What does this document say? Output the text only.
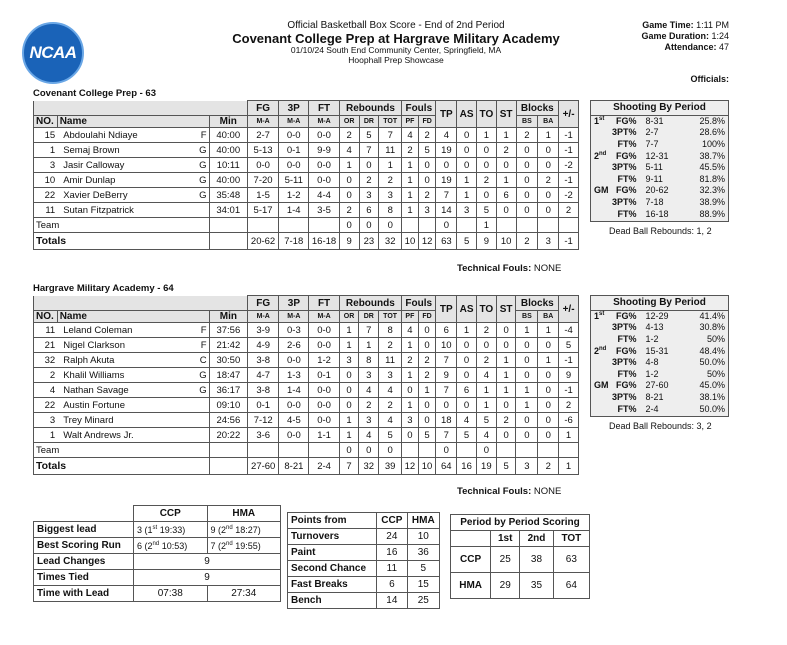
NCAA
Official Basketball Box Score - End of 2nd Period
Covenant College Prep at Hargrave Military Academy
01/10/24 South End Community Center, Springfield, MA
Hoophall Prep Showcase
Game Time: 1:11 PM
Game Duration: 1:24
Attendance: 47
Officials:
Covenant College Prep - 63
			FG	3P	FT	Rebounds			Fouls		TP	AS	TO	ST	Blocks		+/-
NO.	Name	Min	M-A	M-A	M-A	OR	DR	TOT	PF	FD					BS	BA	
15	Abdoulahi Ndiaye F	40:00	2-7	0-0	0-0	2	5	7	4	2	4	0	1	1	2	1	-1
1	Semaj Brown G	40:00	5-13	0-1	9-9	4	7	11	2	5	19	0	0	2	0	0	-1
3	Jasir Calloway G	10:11	0-0	0-0	0-0	1	0	1	1	0	0	0	0	0	0	0	-2
10	Amir Dunlap G	40:00	7-20	5-11	0-0	0	2	2	1	0	19	1	2	1	0	2	-1
22	Xavier DeBerry G	35:48	1-5	1-2	4-4	0	3	3	1	2	7	1	0	6	0	0	-2
11	Sutan Fitzpatrick	34:01	5-17	1-4	3-5	2	6	8	1	3	14	3	5	0	0	0	2
Team						0	0	0			0		1				
Totals			20-62	7-18	16-18	9	23	32	10	12	63	5	9	10	2	3	-1
Technical Fouls: NONE
Shooting By Period			
1st	FG%	8-31	25.8%
	3PT%	2-7	28.6%
	FT%	7-7	100%
2nd	FG%	12-31	38.7%
	3PT%	5-11	45.5%
	FT%	9-11	81.8%
GM	FG%	20-62	32.3%
	3PT%	7-18	38.9%
	FT%	16-18	88.9%
Dead Ball Rebounds: 1, 2
Hargrave Military Academy - 64
			FG	3P	FT	Rebounds			Fouls		TP	AS	TO	ST	Blocks		+/-
NO.	Name	Min	M-A	M-A	M-A	OR	DR	TOT	PF	FD					BS	BA	
11	Leland Coleman F	37:56	3-9	0-3	0-0	1	7	8	4	0	6	1	2	0	1	1	-4
21	Nigel Clarkson F	21:42	4-9	2-6	0-0	1	1	2	1	0	10	0	0	0	0	0	5
32	Ralph Akuta C	30:50	3-8	0-0	1-2	3	8	11	2	2	7	0	2	1	0	1	-1
2	Khalil Williams G	18:47	4-7	1-3	0-1	0	3	3	1	2	9	0	4	1	0	0	9
4	Nathan Savage G	36:17	3-8	1-4	0-0	0	4	4	0	1	7	6	1	1	1	0	-1
22	Austin Fortune	09:10	0-1	0-0	0-0	0	2	2	1	0	0	0	1	0	1	0	2
3	Trey Minard	24:56	7-12	4-5	0-0	1	3	4	3	0	18	4	5	2	0	0	-6
1	Walt Andrews Jr.	20:22	3-6	0-0	1-1	1	4	5	0	5	7	5	4	0	0	0	1
Team						0	0	0			0		0				
Totals			27-60	8-21	2-4	7	32	39	12	10	64	16	19	5	3	2	1
Technical Fouls: NONE
Shooting By Period			
1st	FG%	12-29	41.4%
	3PT%	4-13	30.8%
	FT%	1-2	50%
2nd	FG%	15-31	48.4%
	3PT%	4-8	50.0%
	FT%	1-2	50%
GM	FG%	27-60	45.0%
	3PT%	8-21	38.1%
	FT%	2-4	50.0%
Dead Ball Rebounds: 3, 2
	CCP	HMA
Biggest lead	3 (1st 19:33)	9 (2nd 18:27)
Best Scoring Run	6 (2nd 10:53)	7 (2nd 19:55)
Lead Changes	9	
Times Tied	9	
Time with Lead	07:38	27:34
Points from	CCP	HMA
Turnovers	24	10
Paint	16	36
Second Chance	11	5
Fast Breaks	6	15
Bench	14	25
Period by Period Scoring			
	1st	2nd	TOT
CCP	25	38	63
HMA	29	35	64
